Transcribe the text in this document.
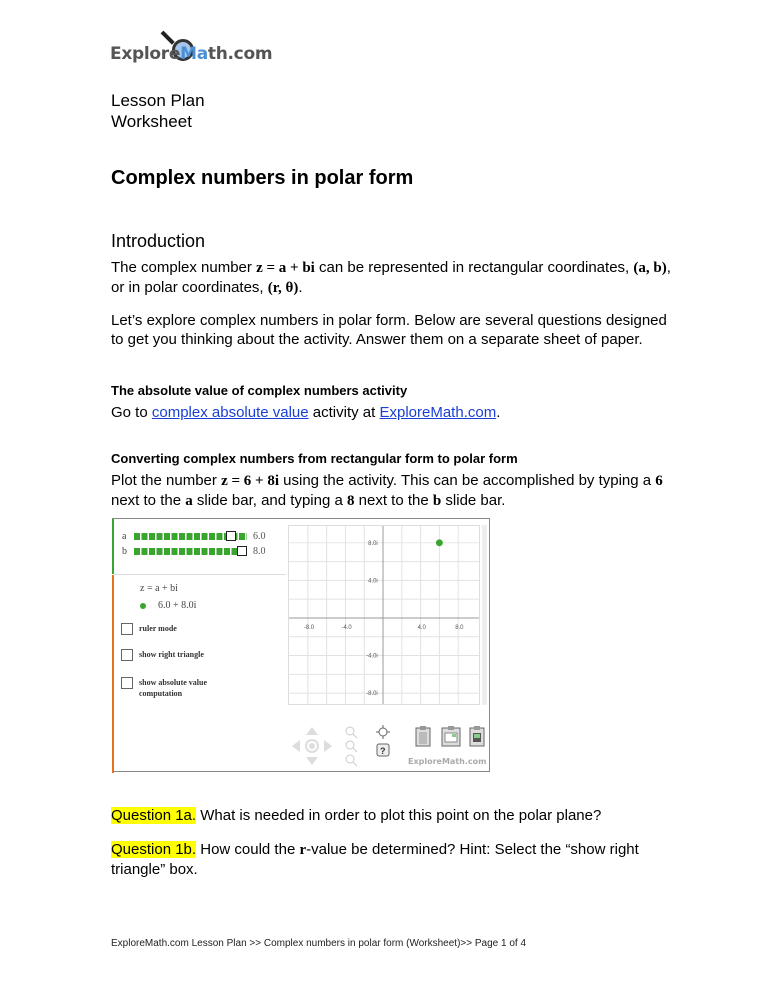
ExploreMath.com
Lesson Plan
Worksheet
Complex numbers in polar form
Introduction
The complex number z = a + bi can be represented in rectangular coordinates, (a, b), or in polar coordinates, (r, θ).
Let’s explore complex numbers in polar form. Below are several questions designed to get you thinking about the activity. Answer them on a separate sheet of paper.
The absolute value of complex numbers activity
Go to complex absolute value activity at ExploreMath.com.
Converting complex numbers from rectangular form to polar form
Plot the number z = 6 + 8i using the activity. This can be accomplished by typing a 6 next to the a slide bar, and typing a 8 next to the b slide bar.
a	6.0
b	8.0
z = a + bi
6.0 + 8.0i
ruler mode
show right triangle
show absolute value computation
-8.0	-4.0	4.0	8.0
8.0i
4.0i
-4.0i
-8.0i
?
ExploreMath.com
Question 1a. What is needed in order to plot this point on the polar plane?
Question 1b. How could the r-value be determined? Hint: Select the “show right triangle” box.
ExploreMath.com Lesson Plan >> Complex numbers in polar form (Worksheet)>> Page 1 of 4
